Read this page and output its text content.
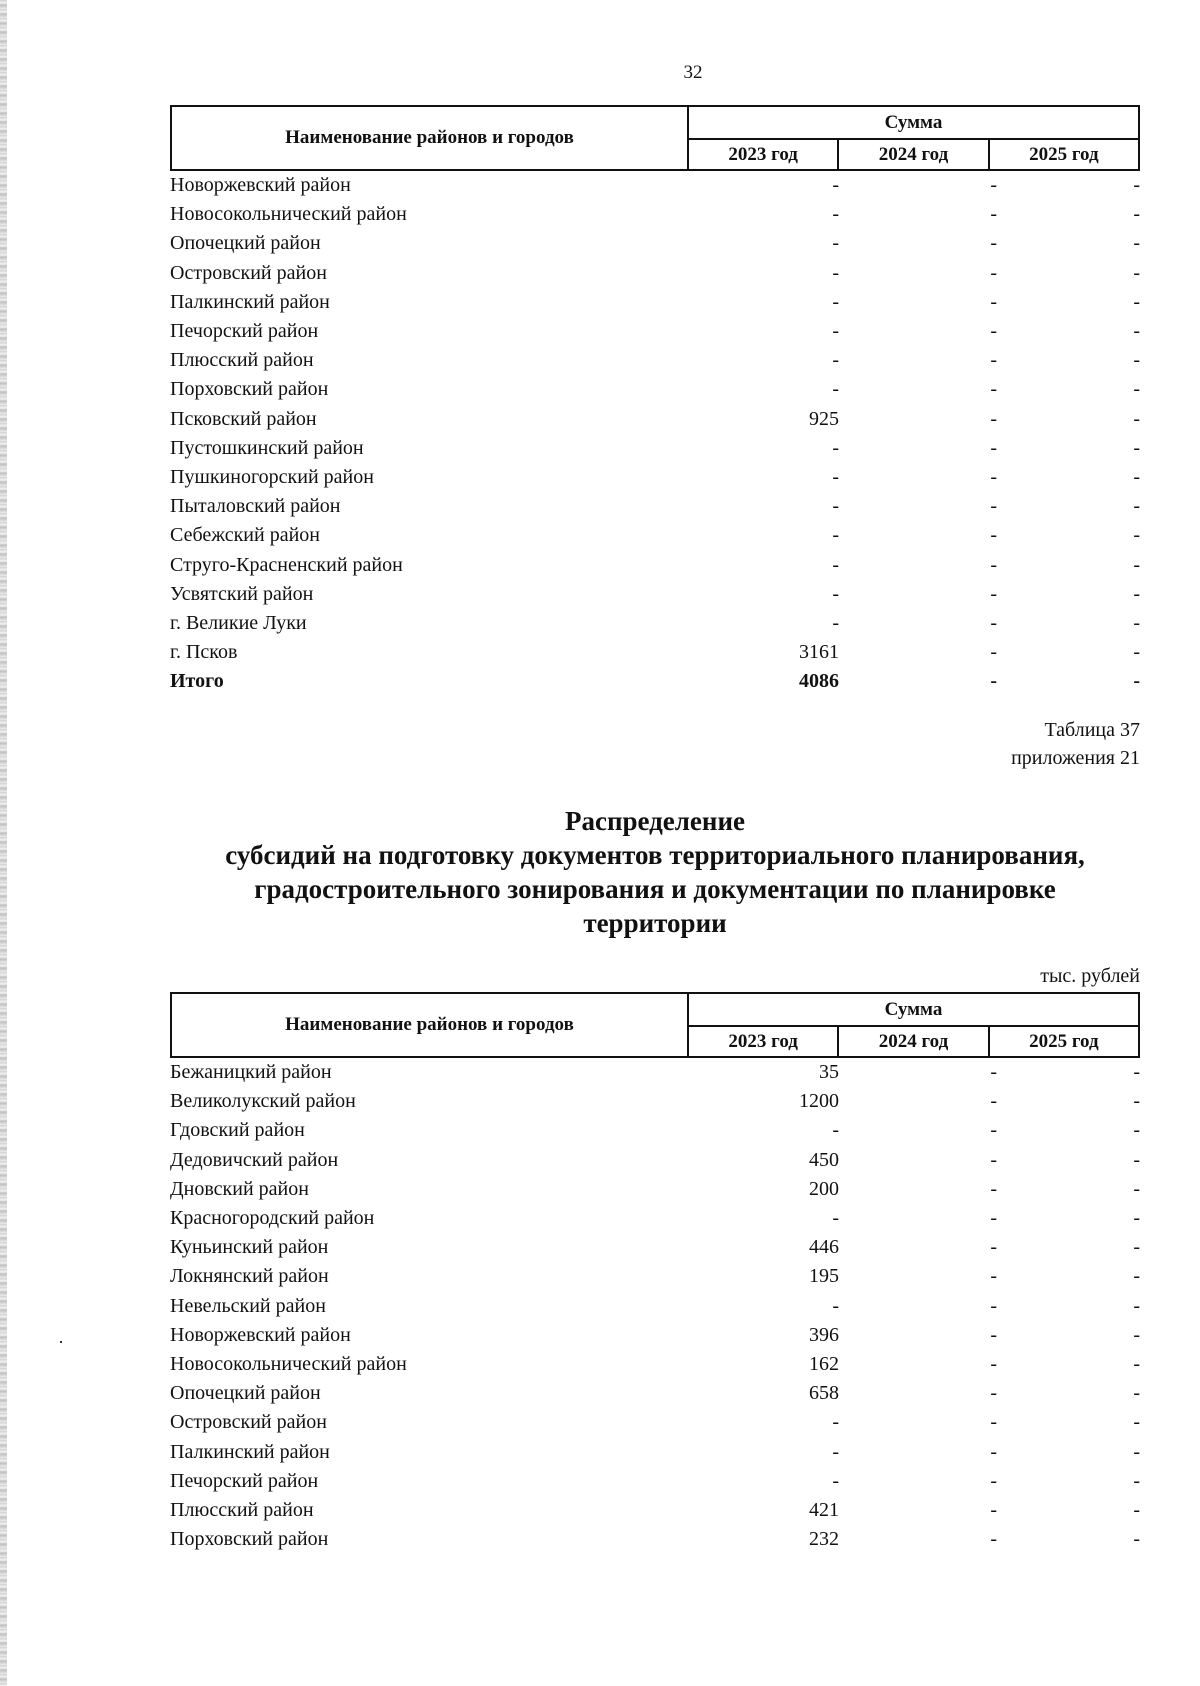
32
Наименование районов и городов	Сумма		
	2023 год	2024 год	2025 год
Новоржевский район	-	-	-
Новосокольнический район	-	-	-
Опочецкий район	-	-	-
Островский район	-	-	-
Палкинский район	-	-	-
Печорский район	-	-	-
Плюсский район	-	-	-
Порховский район	-	-	-
Псковский район	925	-	-
Пустошкинский район	-	-	-
Пушкиногорский район	-	-	-
Пыталовский район	-	-	-
Себежский район	-	-	-
Струго-Красненский район	-	-	-
Усвятский район	-	-	-
г. Великие Луки	-	-	-
г. Псков	3161	-	-
Итого	4086	-	-
Таблица 37
приложения 21
Распределение
субсидий на подготовку документов территориального планирования,
градостроительного зонирования и документации по планировке
территории
тыс. рублей
Наименование районов и городов	Сумма		
	2023 год	2024 год	2025 год
Бежаницкий район	35	-	-
Великолукский район	1200	-	-
Гдовский район	-	-	-
Дедовичский район	450	-	-
Дновский район	200	-	-
Красногородский район	-	-	-
Куньинский район	446	-	-
Локнянский район	195	-	-
Невельский район	-	-	-
Новоржевский район	396	-	-
Новосокольнический район	162	-	-
Опочецкий район	658	-	-
Островский район	-	-	-
Палкинский район	-	-	-
Печорский район	-	-	-
Плюсский район	421	-	-
Порховский район	232	-	-
